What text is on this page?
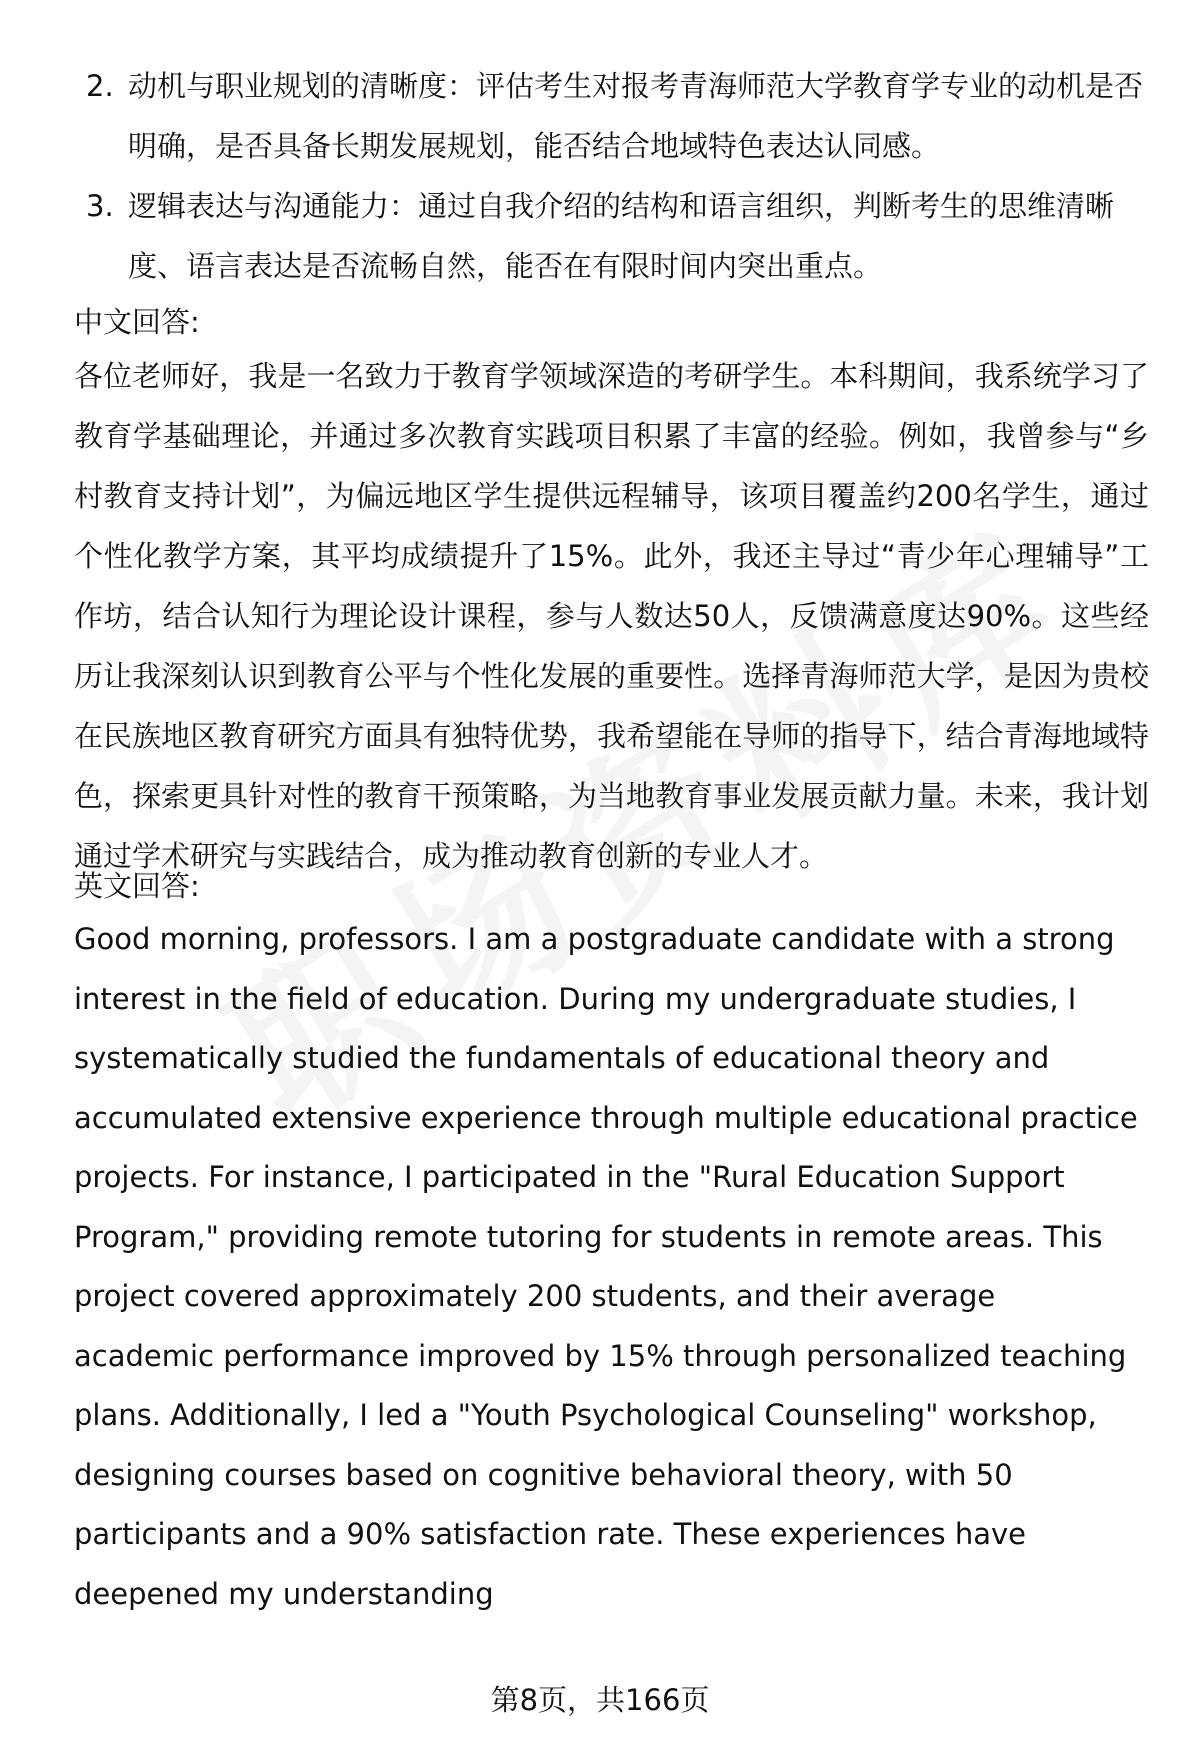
2. 动机与职业规划的清晰度：评估考生对报考青海师范大学教育学专业的动机是否明确，是否具备长期发展规划，能否结合地域特色表达认同感。
3. 逻辑表达与沟通能力：通过自我介绍的结构和语言组织，判断考生的思维清晰度、语言表达是否流畅自然，能否在有限时间内突出重点。

中文回答:

各位老师好，我是一名致力于教育学领域深造的考研学生。本科期间，我系统学习了教育学基础理论，并通过多次教育实践项目积累了丰富的经验。例如，我曾参与“乡村教育支持计划”，为偏远地区学生提供远程辅导，该项目覆盖约200名学生，通过个性化教学方案，其平均成绩提升了15%。此外，我还主导过“青少年心理辅导”工作坊，结合认知行为理论设计课程，参与人数达50人，反馈满意度达90%。这些经历让我深刻认识到教育公平与个性化发展的重要性。选择青海师范大学，是因为贵校在民族地区教育研究方面具有独特优势，我希望能在导师的指导下，结合青海地域特色，探索更具针对性的教育干预策略，为当地教育事业发展贡献力量。未来，我计划通过学术研究与实践结合，成为推动教育创新的专业人才。

英文回答:

Good morning, professors. I am a postgraduate candidate with a strong interest in the field of education. During my undergraduate studies, I systematically studied the fundamentals of educational theory and accumulated extensive experience through multiple educational practice projects. For instance, I participated in the "Rural Education Support Program," providing remote tutoring for students in remote areas. This project covered approximately 200 students, and their average academic performance improved by 15% through personalized teaching plans. Additionally, I led a "Youth Psychological Counseling" workshop, designing courses based on cognitive behavioral theory, with 50 participants and a 90% satisfaction rate. These experiences have deepened my understanding

第8页，共166页
